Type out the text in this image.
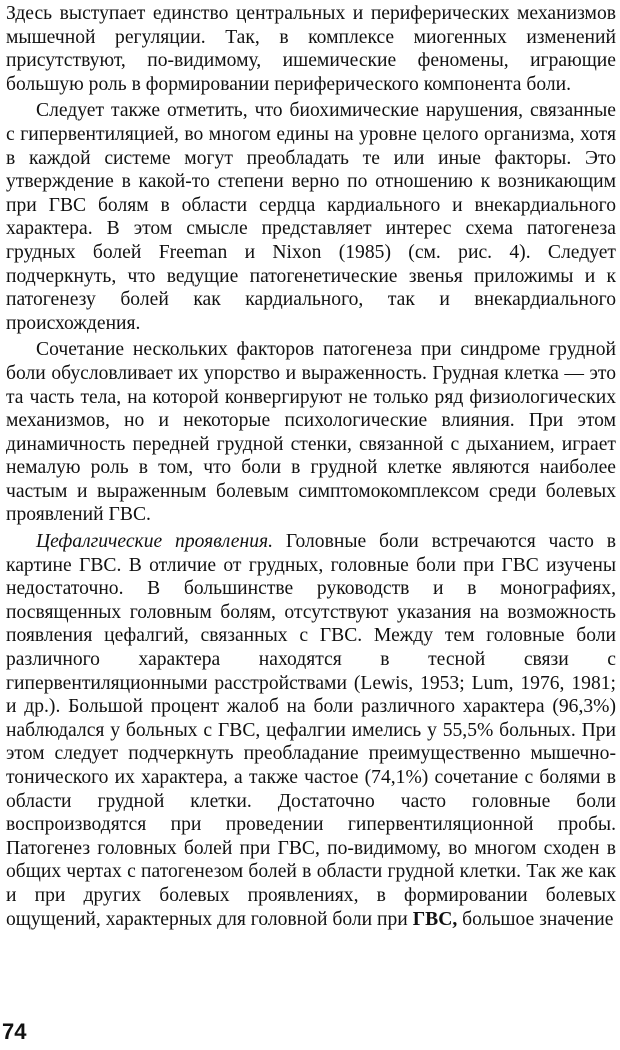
Здесь выступает единство центральных и периферических механизмов мышечной регуляции. Так, в комплексе миогенных изменений присутствуют, по-видимому, ишемические феномены, играющие большую роль в формировании периферического компонента боли.

Следует также отметить, что биохимические нарушения, связанные с гипервентиляцией, во многом едины на уровне целого организма, хотя в каждой системе могут преобладать те или иные факторы. Это утверждение в какой-то степени верно по отношению к возникающим при ГВС болям в области сердца кардиального и внекардиального характера. В этом смысле представляет интерес схема патогенеза грудных болей Freeman и Nixon (1985) (см. рис. 4). Следует подчеркнуть, что ведущие патогенетические звенья приложимы и к патогенезу болей как кардиального, так и внекардиального происхождения.

Сочетание нескольких факторов патогенеза при синдроме грудной боли обусловливает их упорство и выраженность. Грудная клетка — это та часть тела, на которой конвергируют не только ряд физиологических механизмов, но и некоторые психологические влияния. При этом динамичность передней грудной стенки, связанной с дыханием, играет немалую роль в том, что боли в грудной клетке являются наиболее частым и выраженным болевым симптомокомплексом среди болевых проявлений ГВС.

Цефалгические проявления. Головные боли встречаются часто в картине ГВС. В отличие от грудных, головные боли при ГВС изучены недостаточно. В большинстве руководств и в монографиях, посвященных головным болям, отсутствуют указания на возможность появления цефалгий, связанных с ГВС. Между тем головные боли различного характера находятся в тесной связи с гипервентиляционными расстройствами (Lewis, 1953; Lum, 1976, 1981; и др.). Большой процент жалоб на боли различного характера (96,3%) наблюдался у больных с ГВС, цефалгии имелись у 55,5% больных. При этом следует подчеркнуть преобладание преимущественно мышечно-тонического их характера, а также частое (74,1%) сочетание с болями в области грудной клетки. Достаточно часто головные боли воспроизводятся при проведении гипервентиляционной пробы. Патогенез головных болей при ГВС, по-видимому, во многом сходен в общих чертах с патогенезом болей в области грудной клетки. Так же как и при других болевых проявлениях, в формировании болевых ощущений, характерных для головной боли при ГВС, большое значение

74
